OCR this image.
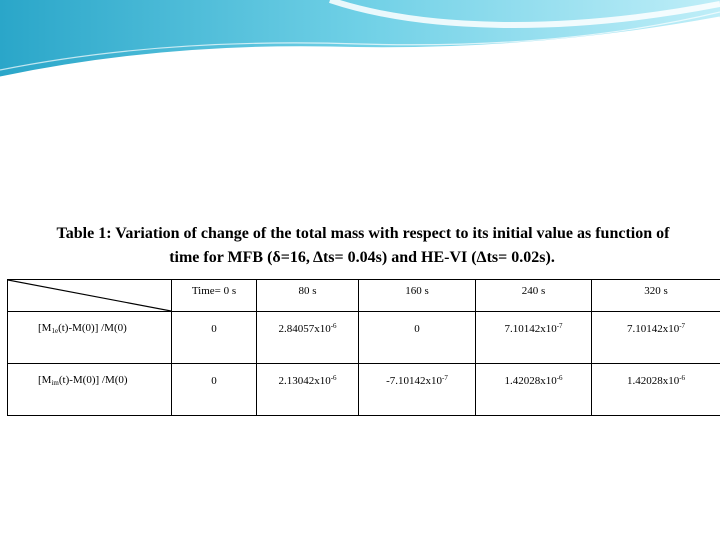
Table 1: Variation of change of the total mass with respect to its initial value as function of
time for MFB (δ=16, Δts= 0.04s) and HE-VI (Δts= 0.02s).
	Time= 0 s	80 s	160 s	240 s	320 s
$[M_{1e}(t)-M(0)]$ /M(0)	0	$2.84057x10^{-6}$	0	$7.10142x10^{-7}$	$7.10142x10^{-7}$
$[M_{im}(t)-M(0)]$ /M(0)	0	$2.13042x10^{-6}$	$-7.10142x10^{-7}$	$1.42028x10^{-6}$	$1.42028x10^{-6}$
